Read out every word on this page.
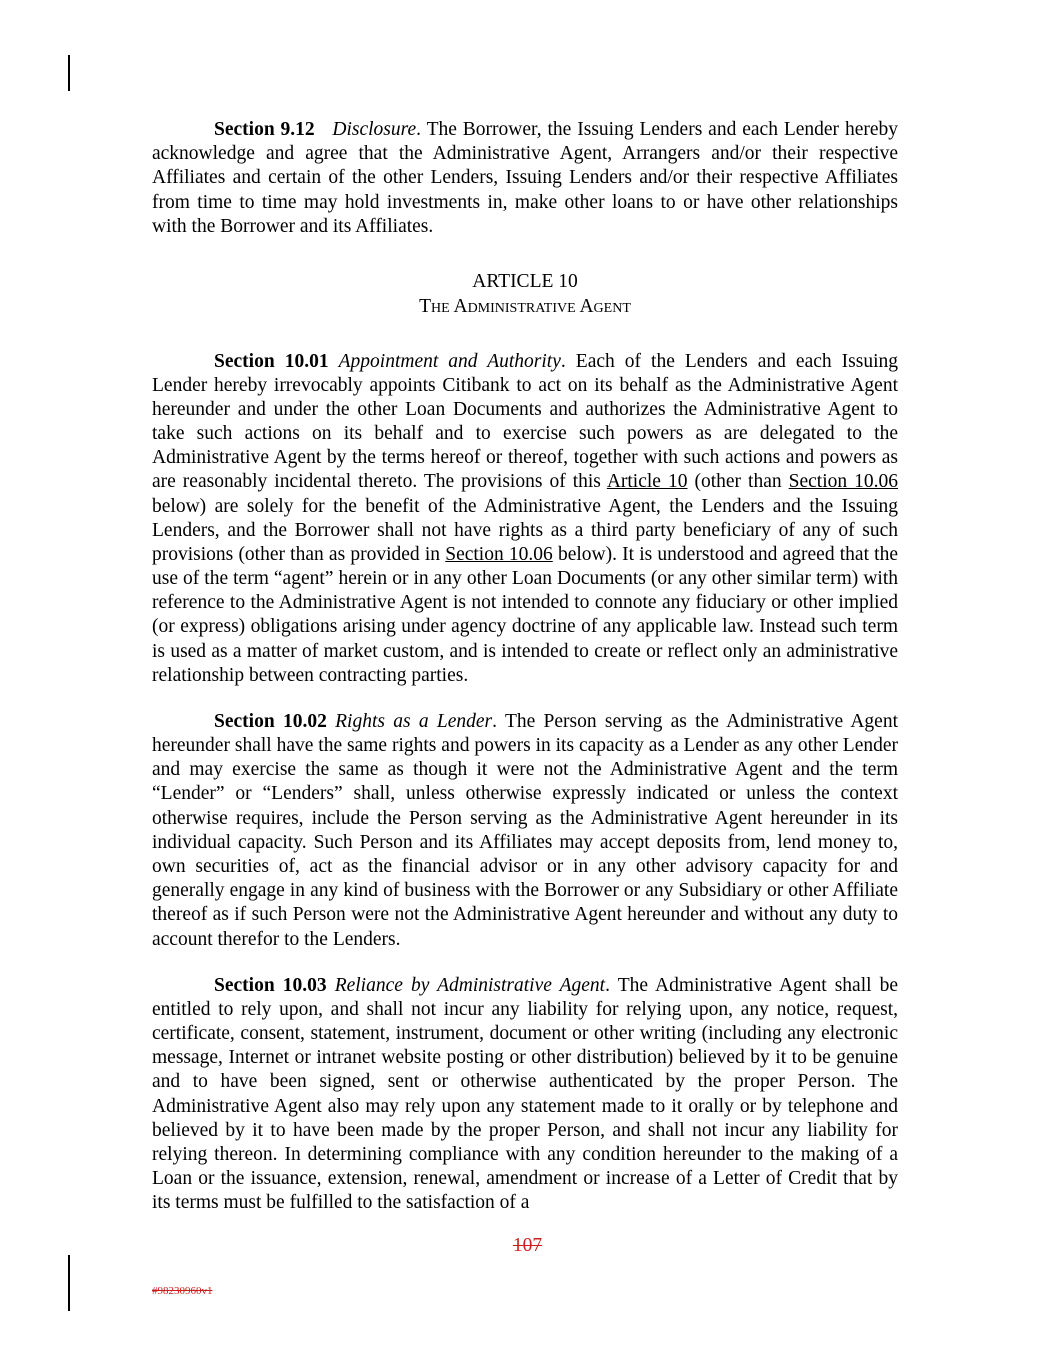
Section 9.12 Disclosure. The Borrower, the Issuing Lenders and each Lender hereby acknowledge and agree that the Administrative Agent, Arrangers and/or their respective Affiliates and certain of the other Lenders, Issuing Lenders and/or their respective Affiliates from time to time may hold investments in, make other loans to or have other relationships with the Borrower and its Affiliates.

ARTICLE 10
The Administrative Agent

Section 10.01 Appointment and Authority. Each of the Lenders and each Issuing Lender hereby irrevocably appoints Citibank to act on its behalf as the Administrative Agent hereunder and under the other Loan Documents and authorizes the Administrative Agent to take such actions on its behalf and to exercise such powers as are delegated to the Administrative Agent by the terms hereof or thereof, together with such actions and powers as are reasonably incidental thereto. The provisions of this Article 10 (other than Section 10.06 below) are solely for the benefit of the Administrative Agent, the Lenders and the Issuing Lenders, and the Borrower shall not have rights as a third party beneficiary of any of such provisions (other than as provided in Section 10.06 below). It is understood and agreed that the use of the term “agent” herein or in any other Loan Documents (or any other similar term) with reference to the Administrative Agent is not intended to connote any fiduciary or other implied (or express) obligations arising under agency doctrine of any applicable law. Instead such term is used as a matter of market custom, and is intended to create or reflect only an administrative relationship between contracting parties.

Section 10.02 Rights as a Lender. The Person serving as the Administrative Agent hereunder shall have the same rights and powers in its capacity as a Lender as any other Lender and may exercise the same as though it were not the Administrative Agent and the term “Lender” or “Lenders” shall, unless otherwise expressly indicated or unless the context otherwise requires, include the Person serving as the Administrative Agent hereunder in its individual capacity. Such Person and its Affiliates may accept deposits from, lend money to, own securities of, act as the financial advisor or in any other advisory capacity for and generally engage in any kind of business with the Borrower or any Subsidiary or other Affiliate thereof as if such Person were not the Administrative Agent hereunder and without any duty to account therefor to the Lenders.

Section 10.03 Reliance by Administrative Agent. The Administrative Agent shall be entitled to rely upon, and shall not incur any liability for relying upon, any notice, request, certificate, consent, statement, instrument, document or other writing (including any electronic message, Internet or intranet website posting or other distribution) believed by it to be genuine and to have been signed, sent or otherwise authenticated by the proper Person. The Administrative Agent also may rely upon any statement made to it orally or by telephone and believed by it to have been made by the proper Person, and shall not incur any liability for relying thereon. In determining compliance with any condition hereunder to the making of a Loan or the issuance, extension, renewal, amendment or increase of a Letter of Credit that by its terms must be fulfilled to the satisfaction of a

107
#98230960v1
